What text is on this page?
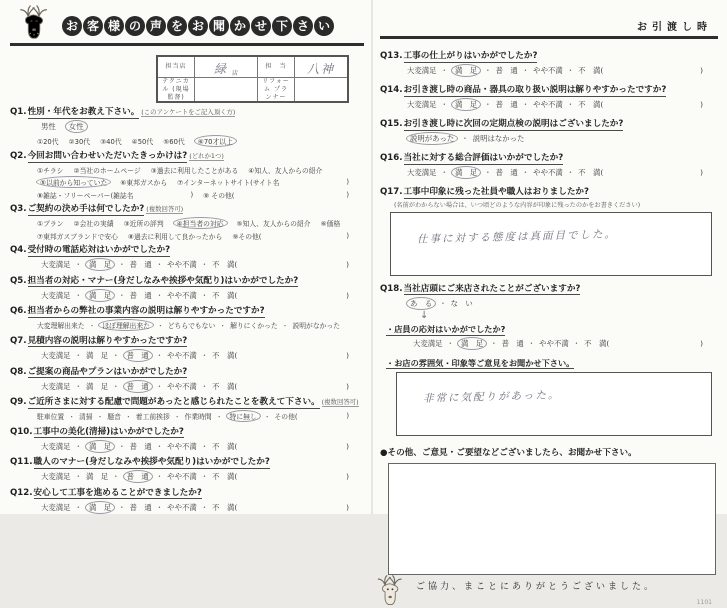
お 客 様 の 声 を お 聞 か せ 下 さ い
担当店	緑 店	担　当	八神
テクニカル (現場監督)		リフォーム プランナー	
Q1.性別・年代をお教え下さい。 (このアンケートをご記入頂く方)
男性	女性
①20代 ②30代 ③40代 ④50代 ⑤60代	⑥70才以上
Q2.今回お問い合わせいただいたきっかけは? (どれか1つ)
①チラシ ②当社のホームページ ③過去に利用したことがある ④知人、友人からの紹介
⑤以前から知っていた	⑥東邦ガスから ⑦インターネットサイト(サイト名	)
⑧雑誌・フリーペーパー(雑誌名	) ⑨ その他(	)
Q3.ご契約の決め手は何でしたか? (複数回答可)
①プラン ②会社の実績 ③近所の評判	④担当者の対応	⑤知人、友人からの紹介 ⑥価格
⑦東邦ガスブランドで安心 ⑧過去に利用して良かったから ⑨その他(	)
Q4.受付時の電話応対はいかがでしたか?
大変満足 ・ 満　足 ・ 普　通 ・ やや不満 ・ 不　満(	)
Q5.担当者の対応・マナー(身だしなみや挨拶や気配り)はいかがでしたか?
大変満足 ・ 満　足 ・ 普　通 ・ やや不満 ・ 不　満(	)
Q6.担当者からの弊社の事業内容の説明は解りやすかったですか?
大変理解出来た ・	ほぼ理解出来た	・ どちらでもない ・ 解りにくかった ・ 説明がなかった
Q7.見積内容の説明は解りやすかったですか?
大変満足 ・ 満　足 ・ 普　通 ・ やや不満 ・ 不　満(	)
Q8.ご提案の商品やプランはいかがでしたか?
大変満足 ・ 満　足 ・ 普　通 ・ やや不満 ・ 不　満(	)
Q9.ご近所さまに対する配慮で問題があったと感じられたことを教えて下さい。 (複数回答可)
駐車位置 ・ 清掃 ・ 騒音 ・ 着工前挨拶 ・ 作業時間 ・	特に無し	・ その他(	)
Q10.工事中の美化(清掃)はいかがでしたか?
大変満足 ・ 満　足 ・ 普　通 ・ やや不満 ・ 不　満(	)
Q11.職人のマナー(身だしなみや挨拶や気配り)はいかがでしたか?
大変満足 ・ 満　足 ・ 普　通 ・ やや不満 ・ 不　満(	)
Q12.安心して工事を進めることができましたか?
大変満足 ・ 満　足 ・ 普　通 ・ やや不満 ・ 不　満(	)
お引渡し時
Q13.工事の仕上がりはいかがでしたか?
大変満足 ・ 満　足 ・ 普　通 ・ やや不満 ・ 不　満(	)
Q14.お引き渡し時の商品・器具の取り扱い説明は解りやすかったですか?
大変満足 ・ 満　足 ・ 普　通 ・ やや不満 ・ 不　満(	)
Q15.お引き渡し時に次回の定期点検の説明はございましたか?
説明があった ・ 説明はなかった
Q16.当社に対する総合評価はいかがでしたか?
大変満足 ・ 満　足 ・ 普　通 ・ やや不満 ・ 不　満(	)
Q17.工事中印象に残った社員や職人はおりましたか?
(名前がわからない場合は、いつ頃どのような内容が印象に残ったのかをお書きください)
仕事に対する態度は真面目でした。
Q18.当社店頭にご来店されたことがございますか?
あ　る ・ な　い
↓
・店員の応対はいかがでしたか?
大変満足 ・ 満　足 ・ 普　通 ・ やや不満 ・ 不　満(	)
・お店の雰囲気・印象等ご意見をお聞かせ下さい。
非常に気配りがあった。
●その他、ご意見・ご要望などございましたら、お聞かせ下さい。
ご協力、まことにありがとうございました。
1101
